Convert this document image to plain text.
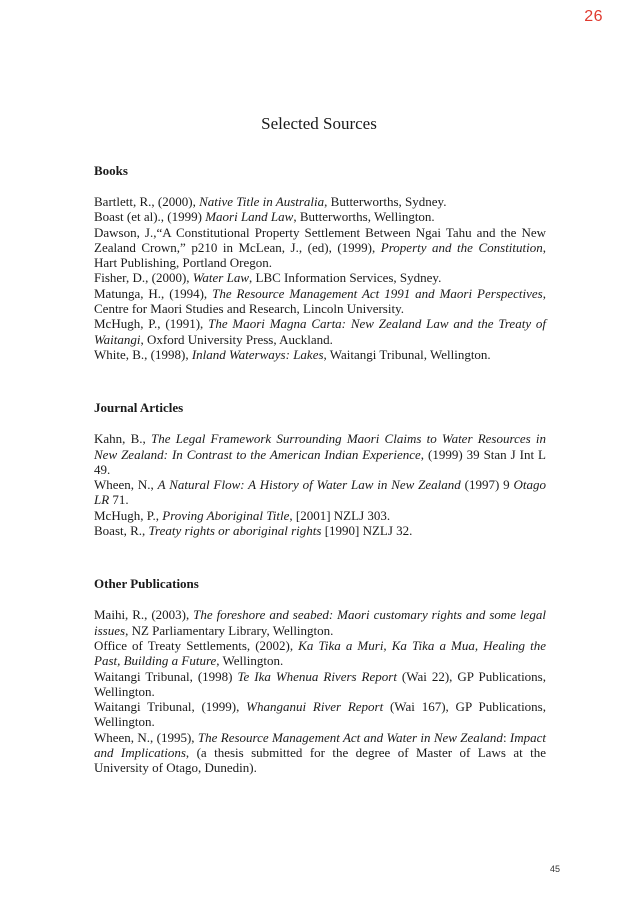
26
Selected Sources
Books

Bartlett, R., (2000), Native Title in Australia, Butterworths, Sydney.

Boast (et al)., (1999) Maori Land Law, Butterworths, Wellington.

Dawson, J.,“A Constitutional Property Settlement Between Ngai Tahu and the New Zealand Crown,” p210 in McLean, J., (ed), (1999), Property and the Constitution, Hart Publishing, Portland Oregon.

Fisher, D., (2000), Water Law, LBC Information Services, Sydney.

Matunga, H., (1994), The Resource Management Act 1991 and Maori Perspectives, Centre for Maori Studies and Research, Lincoln University.

McHugh, P., (1991), The Maori Magna Carta: New Zealand Law and the Treaty of Waitangi, Oxford University Press, Auckland.

White, B., (1998), Inland Waterways: Lakes, Waitangi Tribunal, Wellington.

Journal Articles

Kahn, B., The Legal Framework Surrounding Maori Claims to Water Resources in New Zealand: In Contrast to the American Indian Experience, (1999) 39 Stan J Int L 49.

Wheen, N., A Natural Flow: A History of Water Law in New Zealand (1997) 9 Otago LR 71.

McHugh, P., Proving Aboriginal Title, [2001] NZLJ 303.

Boast, R., Treaty rights or aboriginal rights [1990] NZLJ 32.

Other Publications

Maihi, R., (2003), The foreshore and seabed: Maori customary rights and some legal issues, NZ Parliamentary Library, Wellington.

Office of Treaty Settlements, (2002), Ka Tika a Muri, Ka Tika a Mua, Healing the Past, Building a Future, Wellington.

Waitangi Tribunal, (1998) Te Ika Whenua Rivers Report (Wai 22), GP Publications, Wellington.

Waitangi Tribunal, (1999), Whanganui River Report (Wai 167), GP Publications, Wellington.

Wheen, N., (1995), The Resource Management Act and Water in New Zealand: Impact and Implications, (a thesis submitted for the degree of Master of Laws at the University of Otago, Dunedin).

45
